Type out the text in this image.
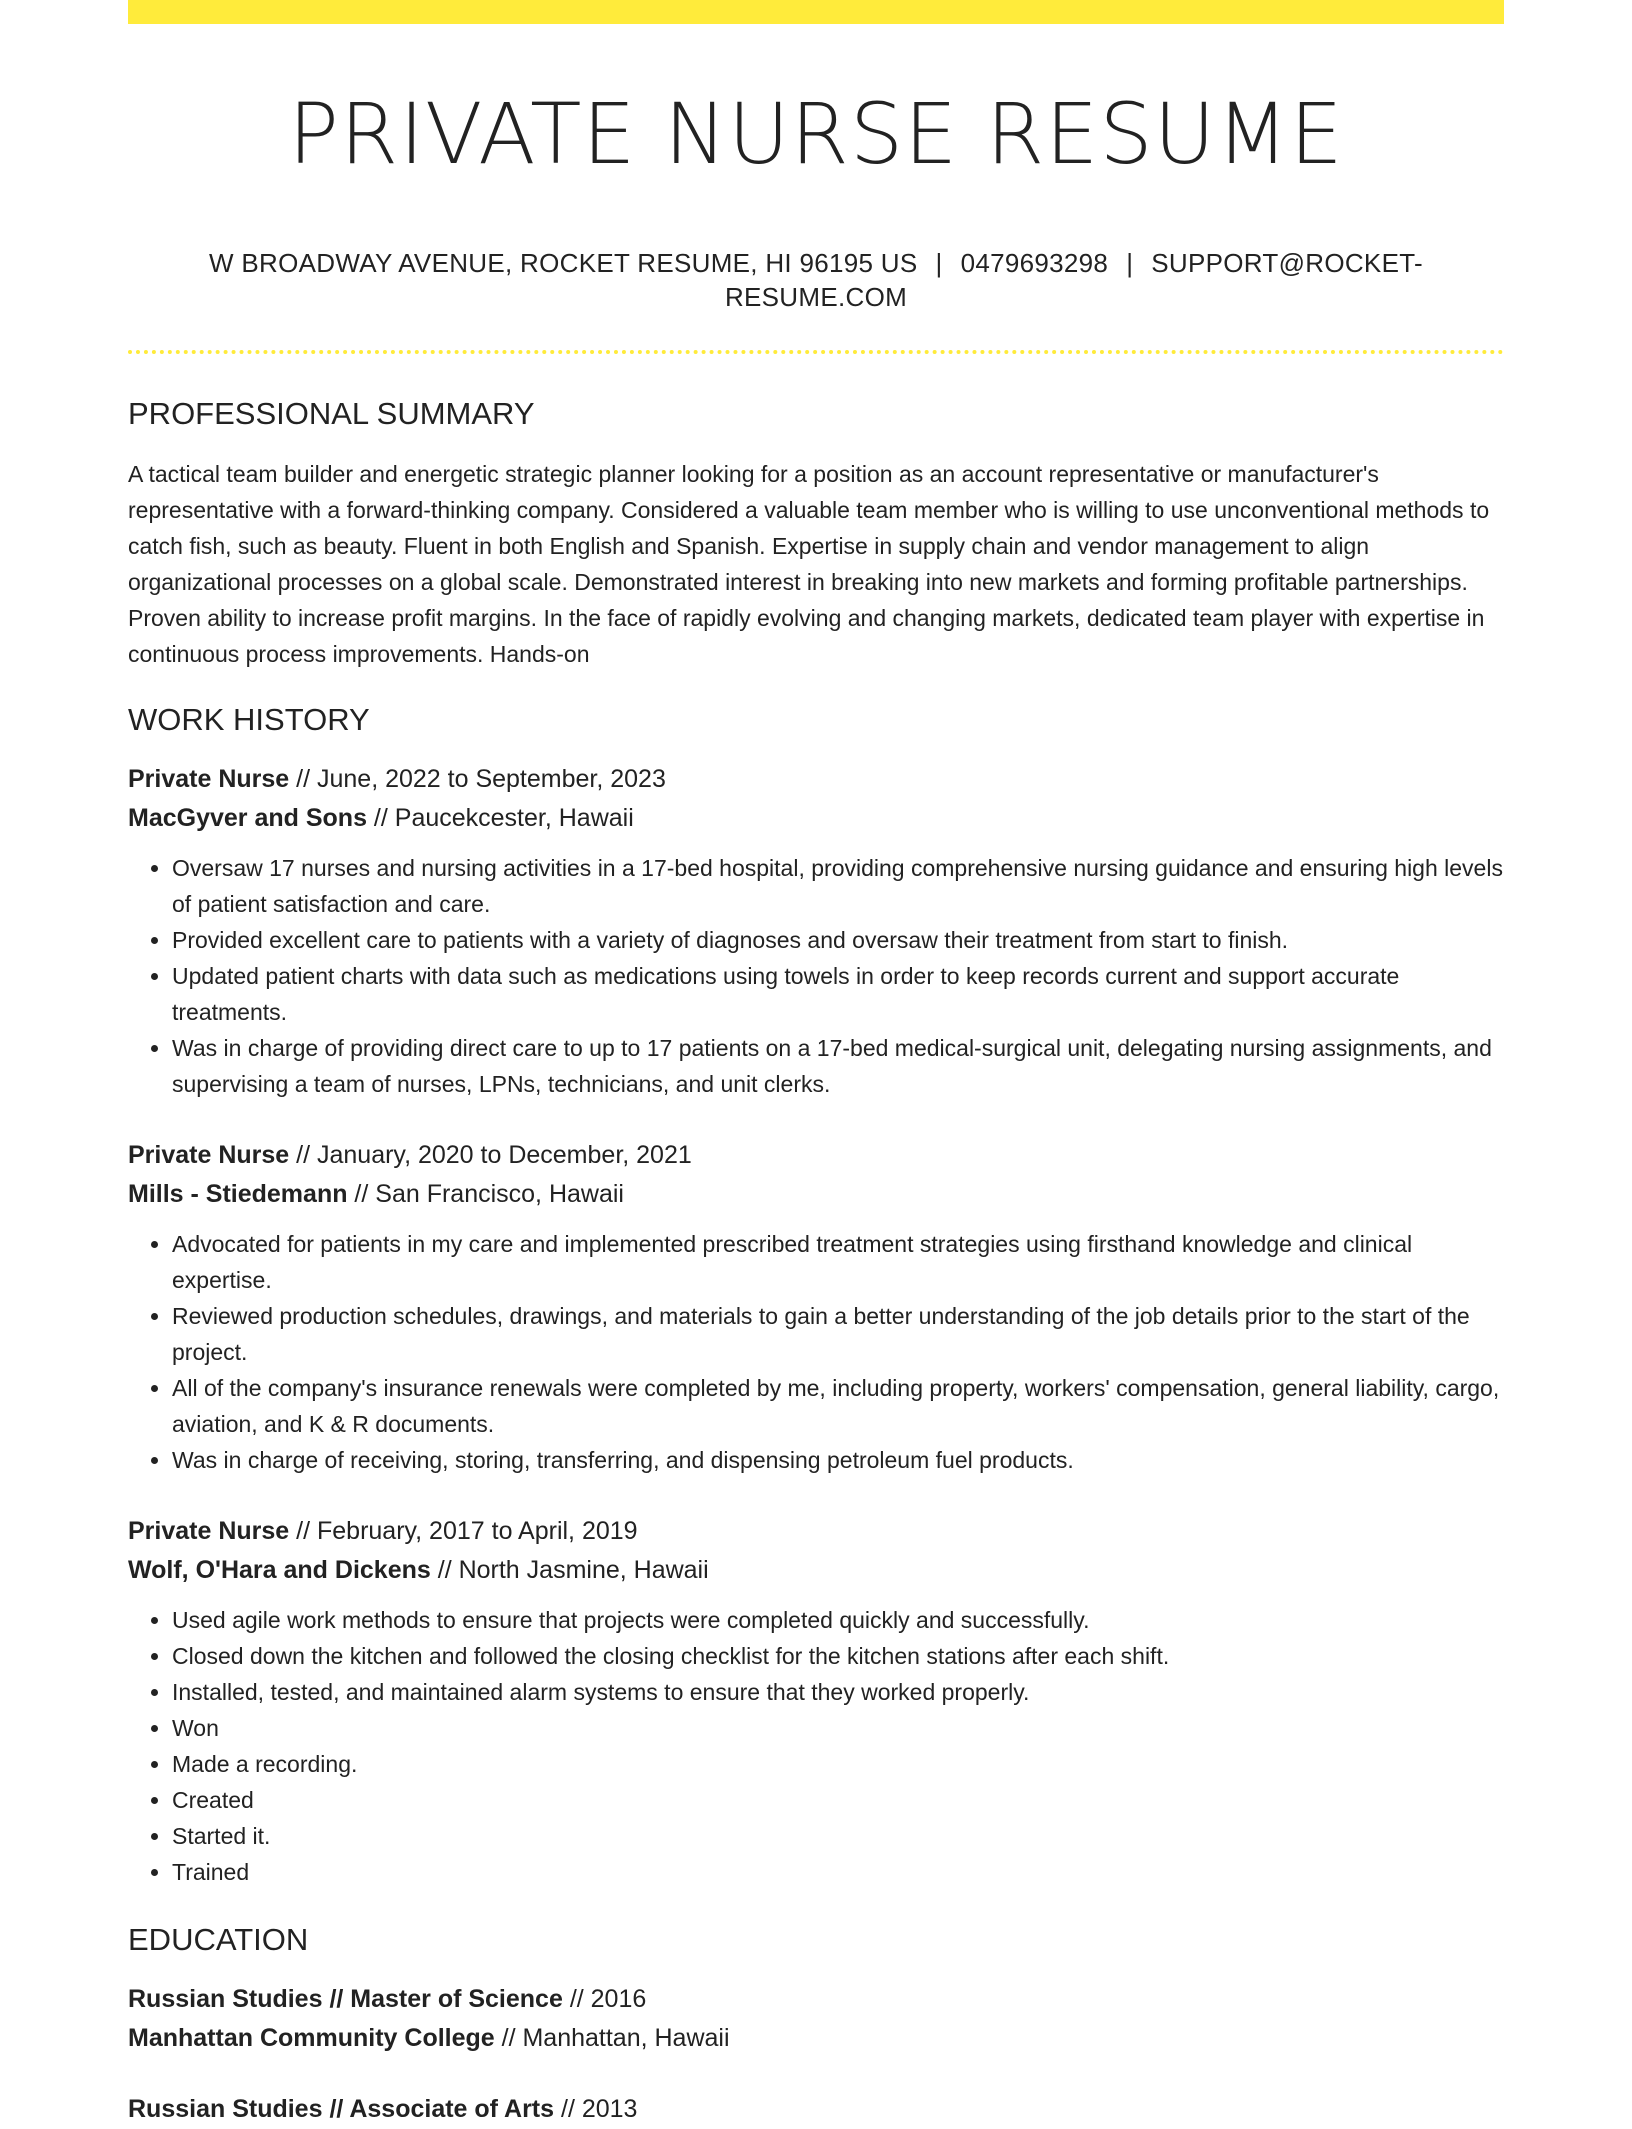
PRIVATE NURSE RESUME
W BROADWAY AVENUE, ROCKET RESUME, HI 96195 US | 0479693298 | SUPPORT@ROCKET-RESUME.COM
PROFESSIONAL SUMMARY
A tactical team builder and energetic strategic planner looking for a position as an account representative or manufacturer's representative with a forward-thinking company. Considered a valuable team member who is willing to use unconventional methods to catch fish, such as beauty. Fluent in both English and Spanish. Expertise in supply chain and vendor management to align organizational processes on a global scale. Demonstrated interest in breaking into new markets and forming profitable partnerships. Proven ability to increase profit margins. In the face of rapidly evolving and changing markets, dedicated team player with expertise in continuous process improvements. Hands-on
WORK HISTORY
Private Nurse // June, 2022 to September, 2023
MacGyver and Sons // Paucekcester, Hawaii
• Oversaw 17 nurses and nursing activities in a 17-bed hospital, providing comprehensive nursing guidance and ensuring high levels of patient satisfaction and care.
• Provided excellent care to patients with a variety of diagnoses and oversaw their treatment from start to finish.
• Updated patient charts with data such as medications using towels in order to keep records current and support accurate treatments.
• Was in charge of providing direct care to up to 17 patients on a 17-bed medical-surgical unit, delegating nursing assignments, and supervising a team of nurses, LPNs, technicians, and unit clerks.
Private Nurse // January, 2020 to December, 2021
Mills - Stiedemann // San Francisco, Hawaii
• Advocated for patients in my care and implemented prescribed treatment strategies using firsthand knowledge and clinical expertise.
• Reviewed production schedules, drawings, and materials to gain a better understanding of the job details prior to the start of the project.
• All of the company's insurance renewals were completed by me, including property, workers' compensation, general liability, cargo, aviation, and K & R documents.
• Was in charge of receiving, storing, transferring, and dispensing petroleum fuel products.
Private Nurse // February, 2017 to April, 2019
Wolf, O'Hara and Dickens // North Jasmine, Hawaii
• Used agile work methods to ensure that projects were completed quickly and successfully.
• Closed down the kitchen and followed the closing checklist for the kitchen stations after each shift.
• Installed, tested, and maintained alarm systems to ensure that they worked properly.
• Won
• Made a recording.
• Created
• Started it.
• Trained
EDUCATION
Russian Studies // Master of Science // 2016
Manhattan Community College // Manhattan, Hawaii
Russian Studies // Associate of Arts // 2013
